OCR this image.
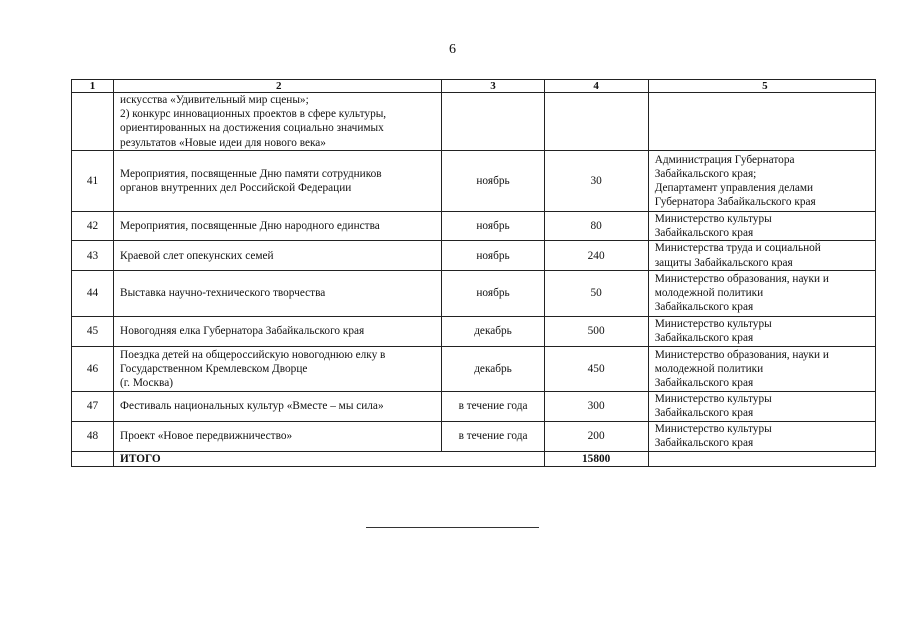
6
1	2	3	4	5

	искусства «Удивительный мир сцены»;
2) конкурс инновационных проектов в сфере культуры,
ориентированных на достижения социально значимых
результатов «Новые идеи для нового века»			

41	Мероприятия, посвященные Дню памяти сотрудников
органов внутренних дел Российской Федерации	ноябрь	30	Администрация Губернатора
Забайкальского края;
Департамент управления делами
Губернатора Забайкальского края

42	Мероприятия, посвященные Дню народного единства	ноябрь	80	Министерство культуры
Забайкальского края

43	Краевой слет опекунских семей	ноябрь	240	Министерства труда и социальной
защиты Забайкальского края

44	Выставка научно-технического творчества	ноябрь	50	Министерство образования, науки и
молодежной политики
Забайкальского края

45	Новогодняя елка Губернатора Забайкальского края	декабрь	500	Министерство культуры
Забайкальского края

46	Поездка детей на общероссийскую новогоднюю елку в
Государственном Кремлевском Дворце
(г. Москва)	декабрь	450	Министерство образования, науки и
молодежной политики
Забайкальского края

47	Фестиваль национальных культур «Вместе – мы сила»	в течение года	300	Министерство культуры
Забайкальского края

48	Проект «Новое передвижничество»	в течение года	200	Министерство культуры
Забайкальского края

	ИТОГО		15800	
